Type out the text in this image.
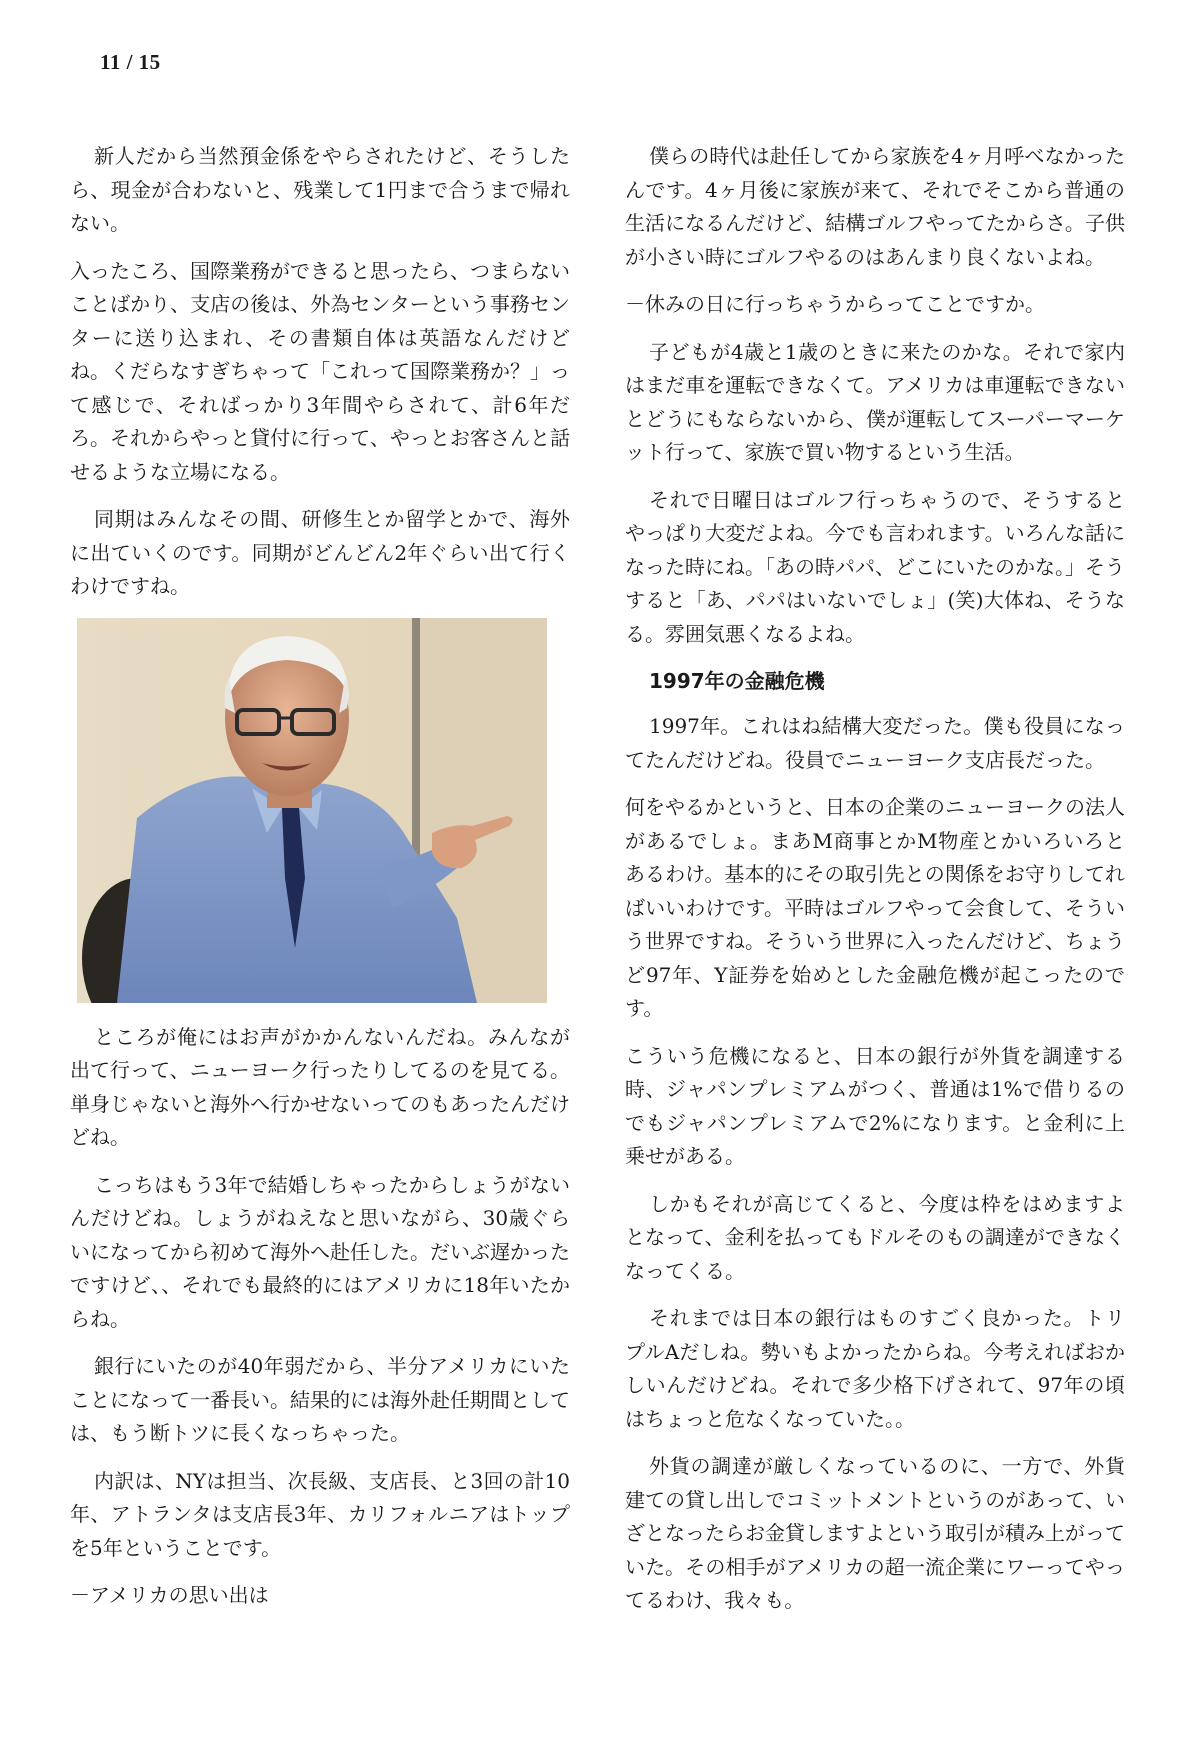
11 / 15

新人だから当然預金係をやらされたけど、そうしたら、現金が合わないと、残業して1円まで合うまで帰れない。

入ったころ、国際業務ができると思ったら、つまらないことばかり、支店の後は、外為センターという事務センターに送り込まれ、その書類自体は英語なんだけどね。くだらなすぎちゃって「これって国際業務か？」って感じで、そればっかり3年間やらされて、計6年だろ。それからやっと貸付に行って、やっとお客さんと話せるような立場になる。

同期はみんなその間、研修生とか留学とかで、海外に出ていくのです。同期がどんどん2年ぐらい出て行くわけですね。

ところが俺にはお声がかかんないんだね。みんなが出て行って、ニューヨーク行ったりしてるのを見てる。単身じゃないと海外へ行かせないってのもあったんだけどね。

こっちはもう3年で結婚しちゃったからしょうがないんだけどね。しょうがねえなと思いながら、30歳ぐらいになってから初めて海外へ赴任した。だいぶ遅かったですけど、、それでも最終的にはアメリカに18年いたからね。

銀行にいたのが40年弱だから、半分アメリカにいたことになって一番長い。結果的には海外赴任期間としては、もう断トツに長くなっちゃった。

内訳は、NYは担当、次長級、支店長、と3回の計10年、アトランタは支店長3年、カリフォルニアはトップを5年ということです。

－アメリカの思い出は

僕らの時代は赴任してから家族を4ヶ月呼べなかったんです。4ヶ月後に家族が来て、それでそこから普通の生活になるんだけど、結構ゴルフやってたからさ。子供が小さい時にゴルフやるのはあんまり良くないよね。

－休みの日に行っちゃうからってことですか。

子どもが4歳と1歳のときに来たのかな。それで家内はまだ車を運転できなくて。アメリカは車運転できないとどうにもならないから、僕が運転してスーパーマーケット行って、家族で買い物するという生活。

それで日曜日はゴルフ行っちゃうので、そうするとやっぱり大変だよね。今でも言われます。いろんな話になった時にね。「あの時パパ、どこにいたのかな。」そうすると「あ、パパはいないでしょ」(笑)大体ね、そうなる。雰囲気悪くなるよね。

1997年の金融危機

1997年。これはね結構大変だった。僕も役員になってたんだけどね。役員でニューヨーク支店長だった。

何をやるかというと、日本の企業のニューヨークの法人があるでしょ。まあM商事とかM物産とかいろいろとあるわけ。基本的にその取引先との関係をお守りしてればいいわけです。平時はゴルフやって会食して、そういう世界ですね。そういう世界に入ったんだけど、ちょうど97年、Y証券を始めとした金融危機が起こったのです。

こういう危機になると、日本の銀行が外貨を調達する時、ジャパンプレミアムがつく、普通は1%で借りるのでもジャパンプレミアムで2%になります。と金利に上乗せがある。

しかもそれが高じてくると、今度は枠をはめますよとなって、金利を払ってもドルそのもの調達ができなくなってくる。

それまでは日本の銀行はものすごく良かった。トリプルAだしね。勢いもよかったからね。今考えればおかしいんだけどね。それで多少格下げされて、97年の頃はちょっと危なくなっていた。。

外貨の調達が厳しくなっているのに、一方で、外貨建ての貸し出しでコミットメントというのがあって、いざとなったらお金貸しますよという取引が積み上がっていた。その相手がアメリカの超一流企業にワーってやってるわけ、我々も。
